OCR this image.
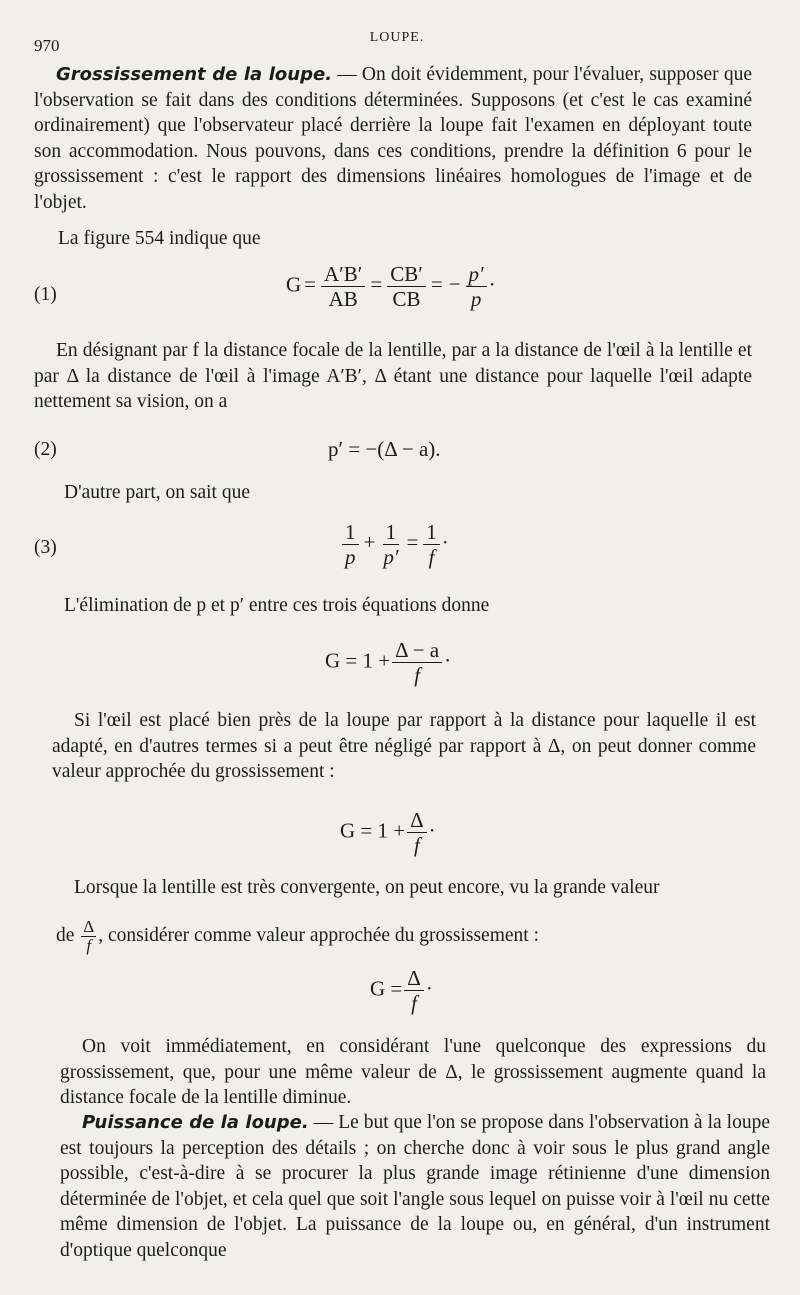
970	LOUPE.
Grossissement de la loupe. — On doit évidemment, pour l'évaluer, supposer que l'observation se fait dans des conditions déterminées. Supposons (et c'est le cas examiné ordinairement) que l'observateur placé derrière la loupe fait l'examen en déployant toute son accommodation. Nous pouvons, dans ces conditions, prendre la définition 6 pour le grossissement : c'est le rapport des dimensions linéaires homologues de l'image et de l'objet.
La figure 554 indique que
(1)	$G = \frac{A'B'}{AB} = \frac{CB'}{CB}$ = − $\frac{p'}{p}$ ·
En désignant par f la distance focale de la lentille, par a la distance de l'œil à la lentille et par Δ la distance de l'œil à l'image A′B′, Δ étant une distance pour laquelle l'œil adapte nettement sa vision, on a
(2)	p′ = −(Δ − a).
D'autre part, on sait que
(3)	$\frac{1}{p} + \frac{1}{p'} = \frac{1}{f}$ ·
L'élimination de p et p′ entre ces trois équations donne
$G = 1 + \frac{\Delta - a}{f}$ ·
Si l'œil est placé bien près de la loupe par rapport à la distance pour laquelle il est adapté, en d'autres termes si a peut être négligé par rapport à Δ, on peut donner comme valeur approchée du grossissement :
$G = 1 + \frac{\Delta}{f}$ ·
Lorsque la lentille est très convergente, on peut encore, vu la grande valeur
de $\frac{\Delta}{f}$ , considérer comme valeur approchée du grossissement :
$G = \frac{\Delta}{f}$ ·
On voit immédiatement, en considérant l'une quelconque des expressions du grossissement, que, pour une même valeur de Δ, le grossissement augmente quand la distance focale de la lentille diminue.
Puissance de la loupe. — Le but que l'on se propose dans l'observation à la loupe est toujours la perception des détails ; on cherche donc à voir sous le plus grand angle possible, c'est-à-dire à se procurer la plus grande image rétinienne d'une dimension déterminée de l'objet, et cela quel que soit l'angle sous lequel on puisse voir à l'œil nu cette même dimension de l'objet. La puissance de la loupe ou, en général, d'un instrument d'optique quelconque
